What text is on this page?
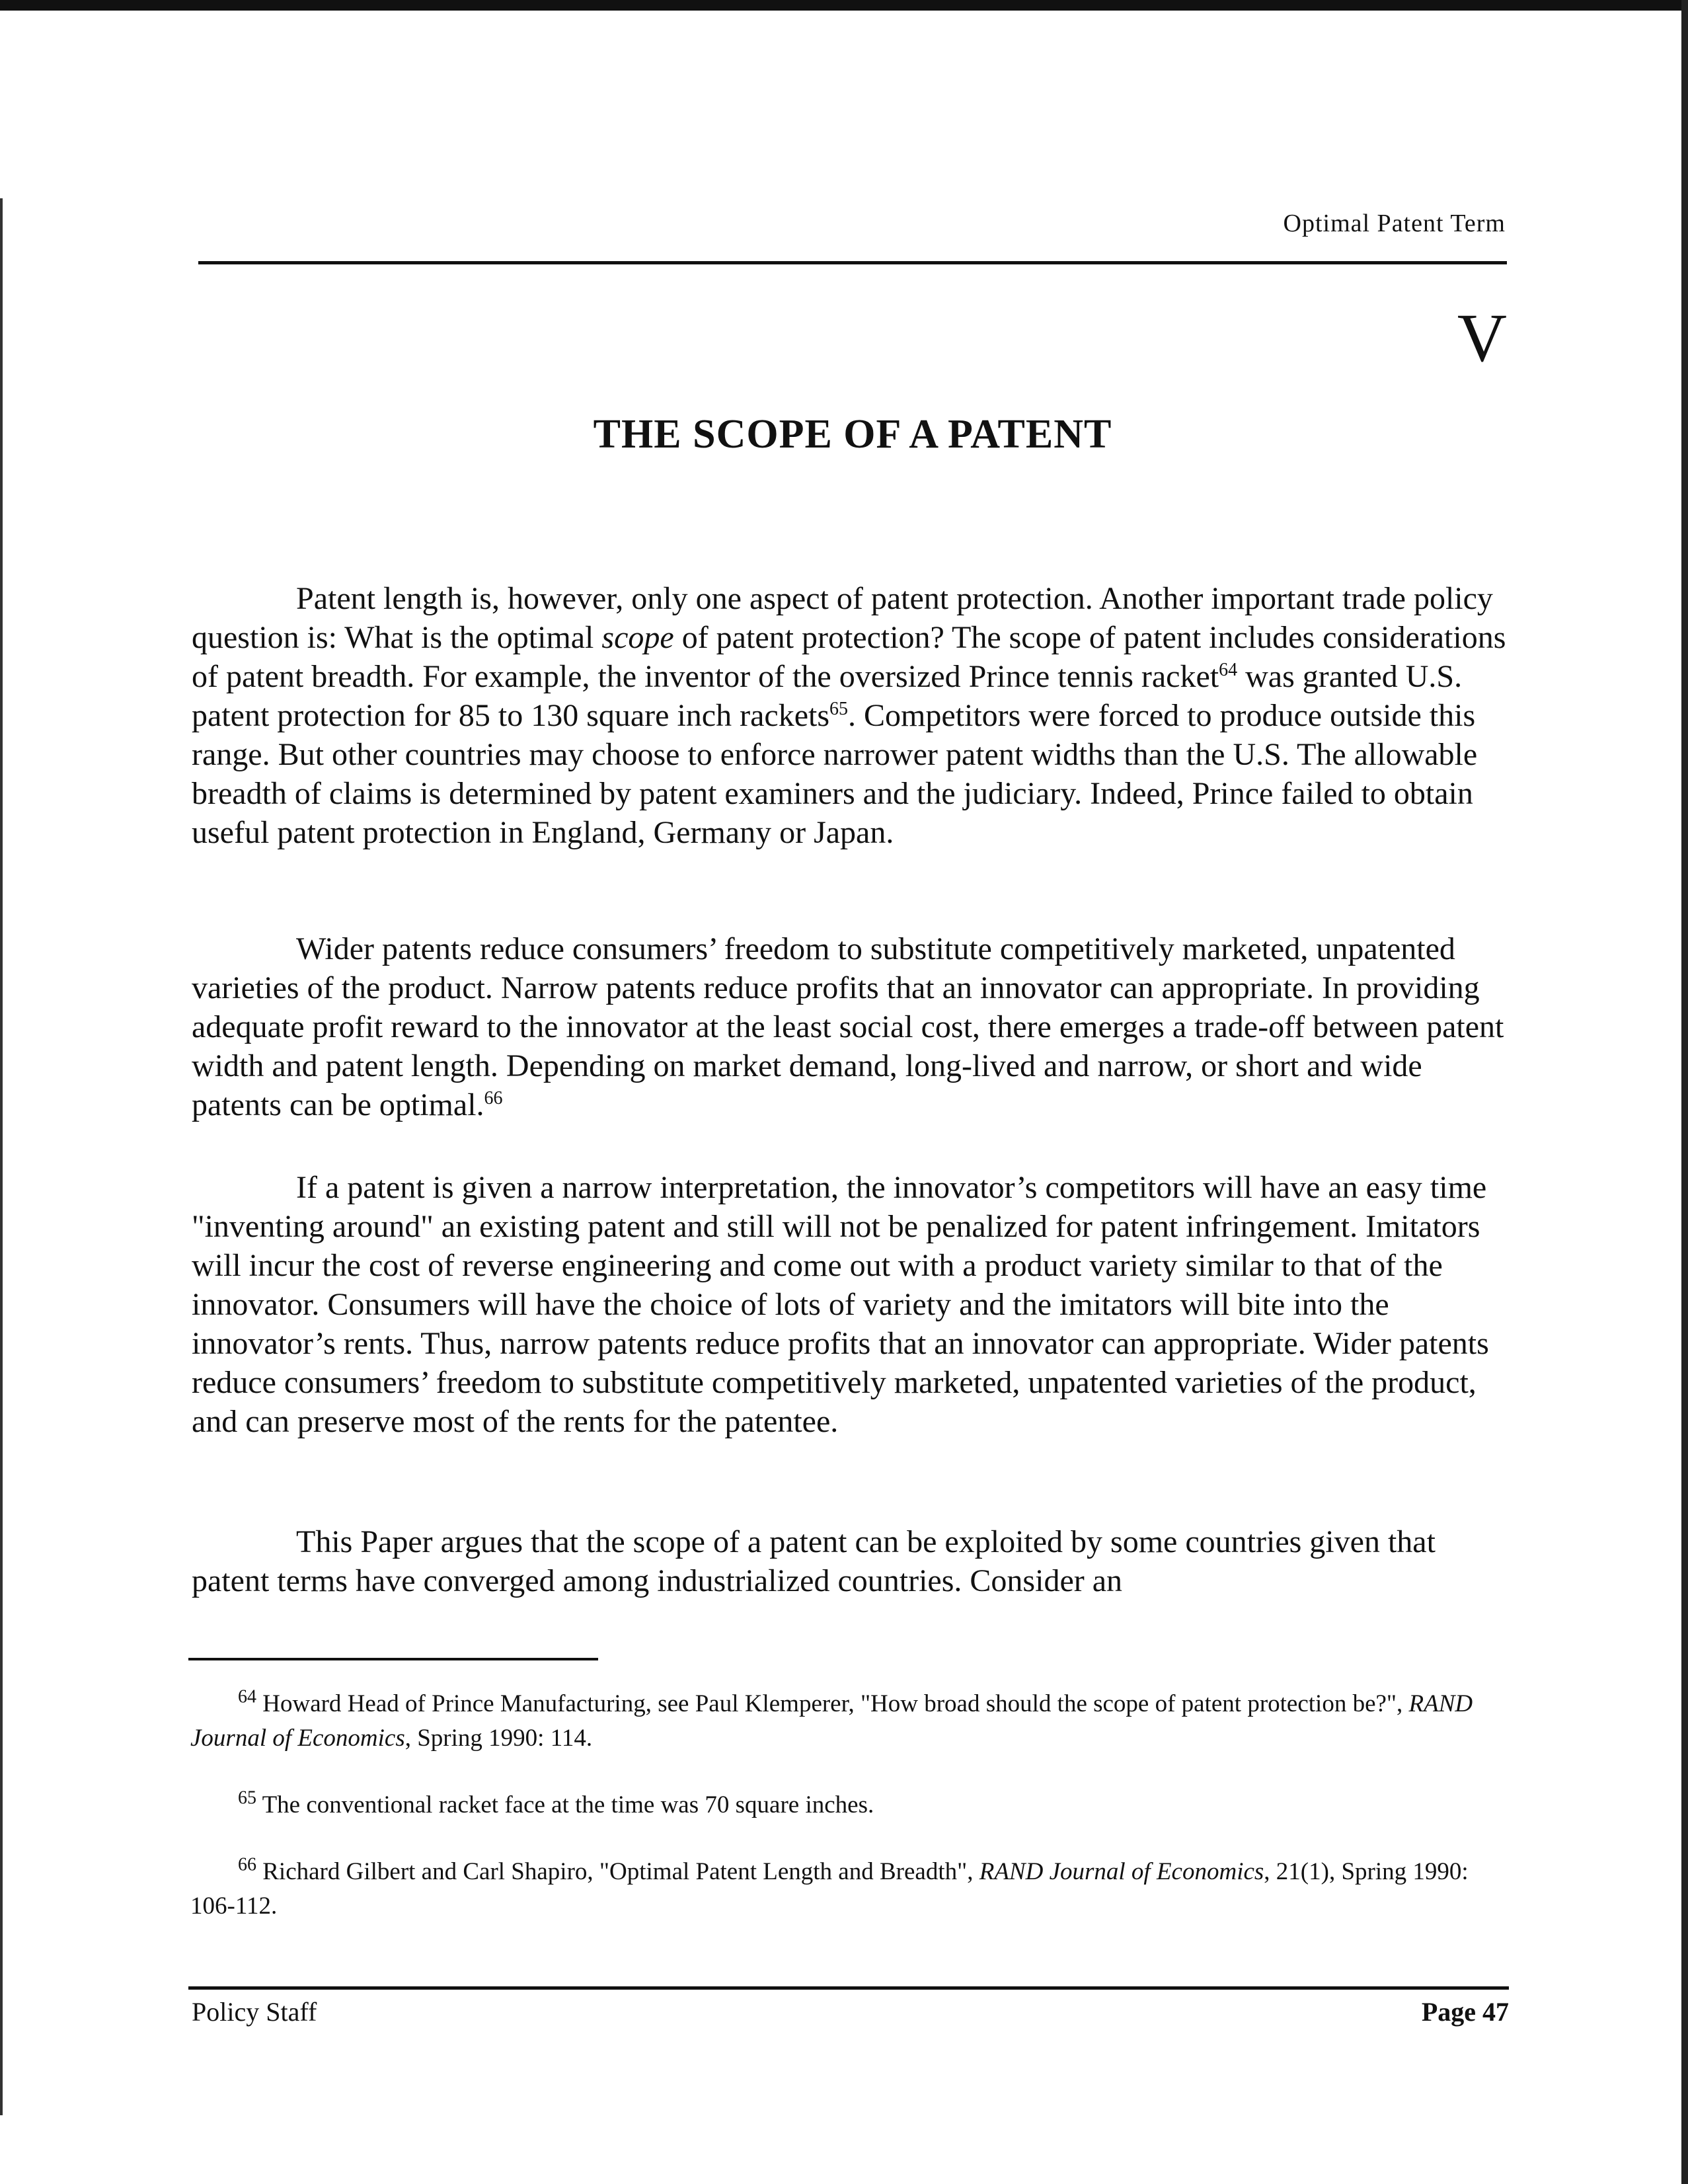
Optimal Patent Term
V
THE SCOPE OF A PATENT

Patent length is, however, only one aspect of patent protection. Another important trade policy question is: What is the optimal scope of patent protection? The scope of patent includes considerations of patent breadth. For example, the inventor of the oversized Prince tennis racket$^{64}$ was granted U.S. patent protection for 85 to 130 square inch rackets$^{65}$. Competitors were forced to produce outside this range. But other countries may choose to enforce narrower patent widths than the U.S. The allowable breadth of claims is determined by patent examiners and the judiciary. Indeed, Prince failed to obtain useful patent protection in England, Germany or Japan.

Wider patents reduce consumers’ freedom to substitute competitively marketed, unpatented varieties of the product. Narrow patents reduce profits that an innovator can appropriate. In providing adequate profit reward to the innovator at the least social cost, there emerges a trade-off between patent width and patent length. Depending on market demand, long-lived and narrow, or short and wide patents can be optimal.$^{66}$

If a patent is given a narrow interpretation, the innovator’s competitors will have an easy time "inventing around" an existing patent and still will not be penalized for patent infringement. Imitators will incur the cost of reverse engineering and come out with a product variety similar to that of the innovator. Consumers will have the choice of lots of variety and the imitators will bite into the innovator’s rents. Thus, narrow patents reduce profits that an innovator can appropriate. Wider patents reduce consumers’ freedom to substitute competitively marketed, unpatented varieties of the product, and can preserve most of the rents for the patentee.

This Paper argues that the scope of a patent can be exploited by some countries given that patent terms have converged among industrialized countries. Consider an

$^{64}$ Howard Head of Prince Manufacturing, see Paul Klemperer, "How broad should the scope of patent protection be?", RAND Journal of Economics, Spring 1990: 114.

$^{65}$ The conventional racket face at the time was 70 square inches.

$^{66}$ Richard Gilbert and Carl Shapiro, "Optimal Patent Length and Breadth", RAND Journal of Economics, 21(1), Spring 1990: 106-112.

Policy Staff	Page 47
